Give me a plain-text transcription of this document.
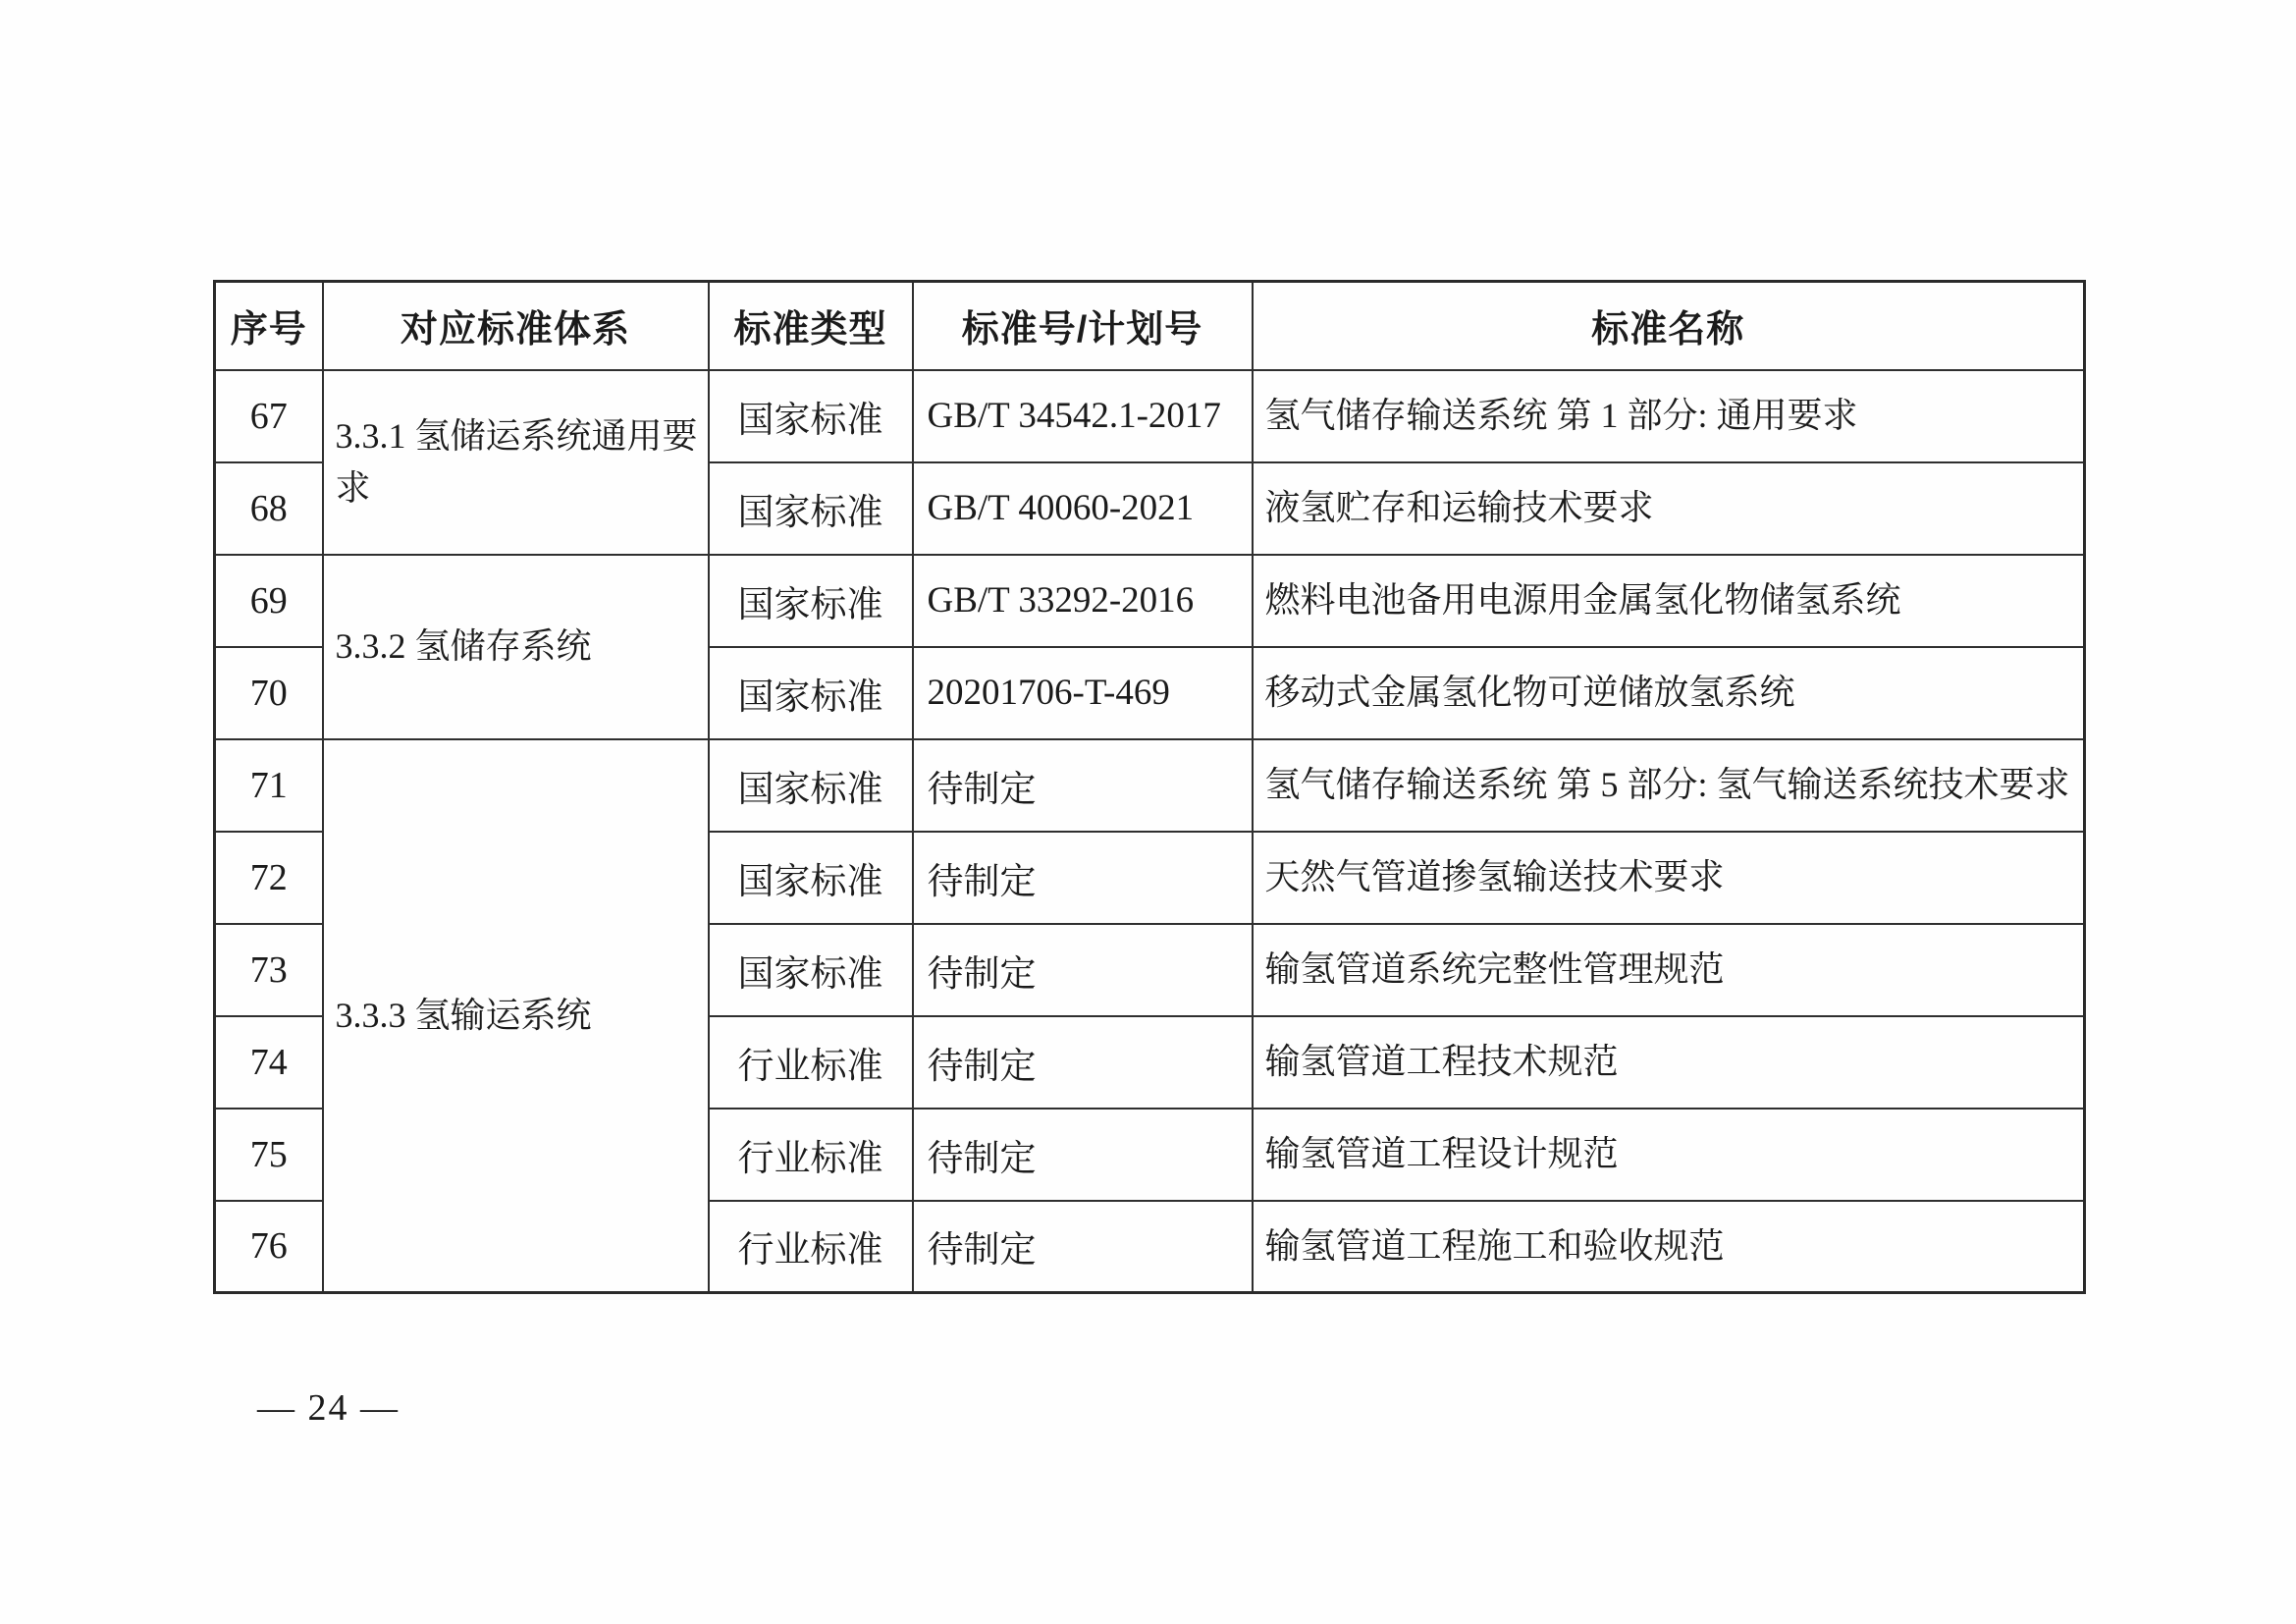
序号	对应标准体系	标准类型	标准号/计划号	标准名称
67	3.3.1 氢储运系统通用要求	国家标准	GB/T 34542.1-2017	氢气储存输送系统 第 1 部分: 通用要求
68		国家标准	GB/T 40060-2021	液氢贮存和运输技术要求
69	3.3.2 氢储存系统	国家标准	GB/T 33292-2016	燃料电池备用电源用金属氢化物储氢系统
70		国家标准	20201706-T-469	移动式金属氢化物可逆储放氢系统
71	3.3.3 氢输运系统	国家标准	待制定	氢气储存输送系统 第 5 部分: 氢气输送系统技术要求
72		国家标准	待制定	天然气管道掺氢输送技术要求
73		国家标准	待制定	输氢管道系统完整性管理规范
74		行业标准	待制定	输氢管道工程技术规范
75		行业标准	待制定	输氢管道工程设计规范
76		行业标准	待制定	输氢管道工程施工和验收规范
— 24 —
